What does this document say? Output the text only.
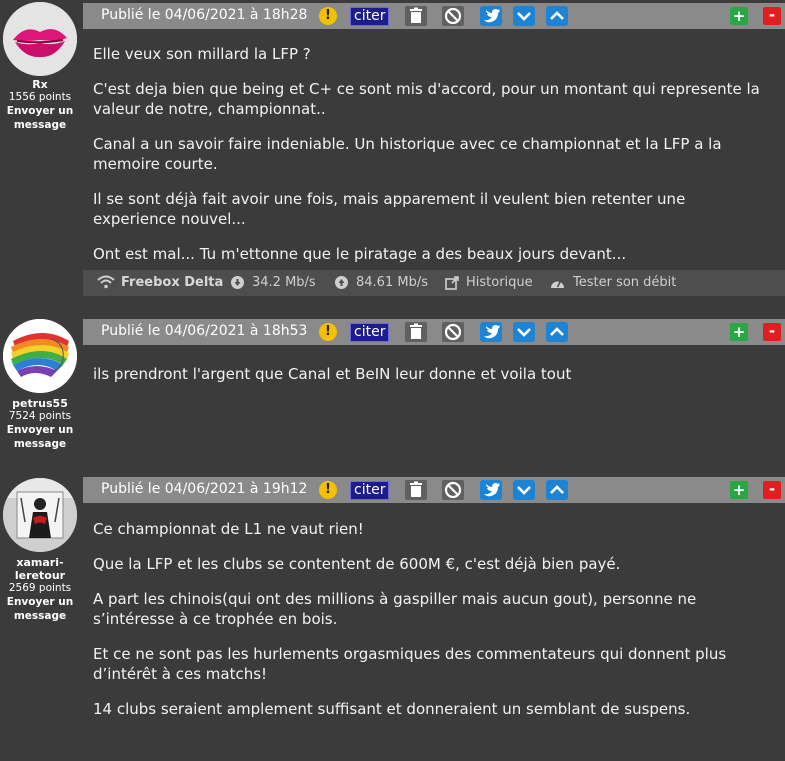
Rx
1556 points
Envoyer un message
Publié le 04/06/2021 à 18h28	!	citer	+	-

Elle veux son millard la LFP ?

C'est deja bien que being et C+ ce sont mis d'accord, pour un montant qui represente la valeur de notre, championnat..

Canal a un savoir faire indeniable. Un historique avec ce championnat et la LFP a la memoire courte.

Il se sont déjà fait avoir une fois, mais apparement il veulent bien retenter une experience nouvel...

Ont est mal... Tu m'ettonne que le piratage a des beaux jours devant...

Freebox Delta 34.2 Mb/s	84.61 Mb/s	Historique	Tester son débit
petrus55
7524 points
Envoyer un message
Publié le 04/06/2021 à 18h53	!	citer	+	-

ils prendront l'argent que Canal et BeIN leur donne et voila tout

xamari-leretour
2569 points
Envoyer un message
Publié le 04/06/2021 à 19h12	!	citer	+	-

Ce championnat de L1 ne vaut rien!

Que la LFP et les clubs se contentent de 600M €, c'est déjà bien payé.

A part les chinois(qui ont des millions à gaspiller mais aucun gout), personne ne s’intéresse à ce trophée en bois.

Et ce ne sont pas les hurlements orgasmiques des commentateurs qui donnent plus d’intérêt à ces matchs!

14 clubs seraient amplement suffisant et donneraient un semblant de suspens.
